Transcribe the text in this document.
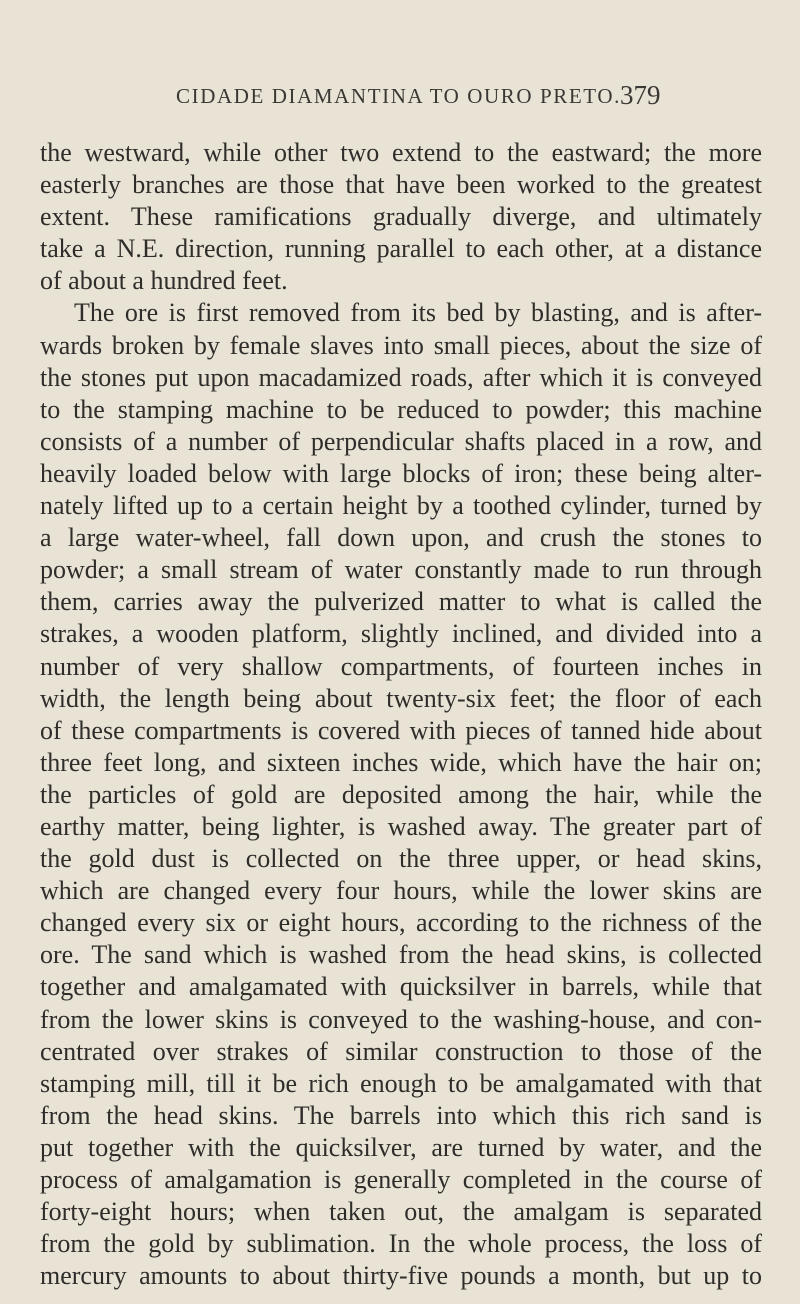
CIDADE DIAMANTINA TO OURO PRETO. 379
the westward, while other two extend to the eastward; the more
easterly branches are those that have been worked to the greatest
extent. These ramifications gradually diverge, and ultimately
take a N.E. direction, running parallel to each other, at a distance
of about a hundred feet.
The ore is first removed from its bed by blasting, and is after-
wards broken by female slaves into small pieces, about the size of
the stones put upon macadamized roads, after which it is conveyed
to the stamping machine to be reduced to powder; this machine
consists of a number of perpendicular shafts placed in a row, and
heavily loaded below with large blocks of iron; these being alter-
nately lifted up to a certain height by a toothed cylinder, turned by
a large water-wheel, fall down upon, and crush the stones to
powder; a small stream of water constantly made to run through
them, carries away the pulverized matter to what is called the
strakes, a wooden platform, slightly inclined, and divided into a
number of very shallow compartments, of fourteen inches in
width, the length being about twenty-six feet; the floor of each
of these compartments is covered with pieces of tanned hide about
three feet long, and sixteen inches wide, which have the hair on;
the particles of gold are deposited among the hair, while the
earthy matter, being lighter, is washed away. The greater part of
the gold dust is collected on the three upper, or head skins,
which are changed every four hours, while the lower skins are
changed every six or eight hours, according to the richness of the
ore. The sand which is washed from the head skins, is collected
together and amalgamated with quicksilver in barrels, while that
from the lower skins is conveyed to the washing-house, and con-
centrated over strakes of similar construction to those of the
stamping mill, till it be rich enough to be amalgamated with that
from the head skins. The barrels into which this rich sand is
put together with the quicksilver, are turned by water, and the
process of amalgamation is generally completed in the course of
forty-eight hours; when taken out, the amalgam is separated
from the gold by sublimation. In the whole process, the loss of
mercury amounts to about thirty-five pounds a month, but up to
